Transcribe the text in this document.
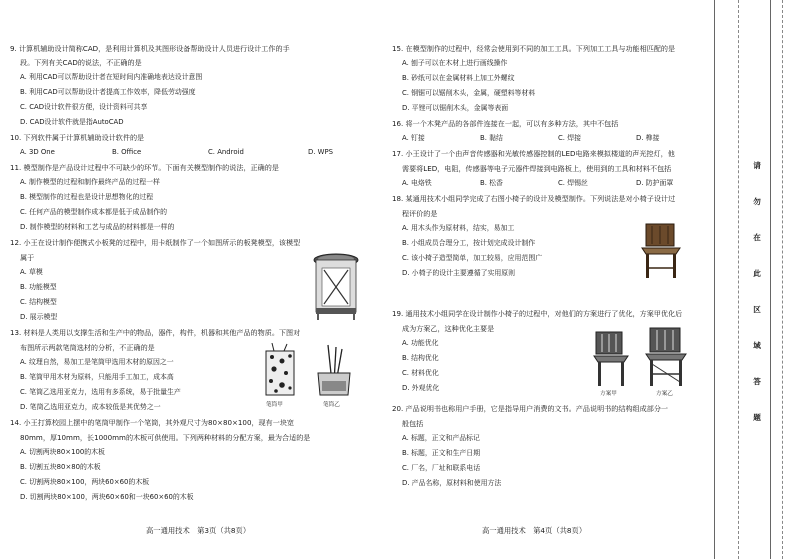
9. 计算机辅助设计简称CAD，是利用计算机及其图形设备帮助设计人员进行设计工作的手
段。下列有关CAD的说法，不正确的是
A. 利用CAD可以帮助设计者在短时间内准确地表达设计意图
B. 利用CAD可以帮助设计者提高工作效率，降低劳动强度
C. CAD设计软件很方便，设计资料可共享
D. CAD设计软件就是指AutoCAD
10. 下列软件属于计算机辅助设计软件的是
A. 3D One	B. Office	C. Android	D. WPS
11. 模型制作是产品设计过程中不可缺少的环节。下面有关模型制作的说法，正确的是
A. 制作模型的过程和制作最终产品的过程一样
B. 模型制作的过程也是设计思想物化的过程
C. 任何产品的模型制作成本都是低于成品制作的
D. 制作模型的材料和工艺与成品的材料都是一样的
12. 小王在设计制作便携式小板凳的过程中，用卡纸制作了一个如图所示的板凳模型，该模型
属于
A. 草模
B. 功能模型
C. 结构模型
D. 展示模型
13. 材料是人类用以支撑生活和生产中的物品，器件，构件，机器和其他产品的物质。下图对
布图所示两款笔筒选材的分析，不正确的是
A. 纹理自然，易加工是笔筒甲选用木材的原因之一
B. 笔筒甲用木材为原料，只能用手工加工，成本高
C. 笔筒乙选用亚克力，选用有多系统，易于批量生产
D. 笔筒乙选用亚克力，成本较低是其优势之一	笔筒甲	笔筒乙
14. 小王打算校园上摆中的笔筒甲制作一个笔筒，其外观尺寸为80×80×100，现有一块宽
80mm，厚10mm，长1000mm的木板可供使用。下列两种材料的分配方案，最为合适的是
A. 切割两块80×100的木板
B. 切割五块80×80的木板
C. 切割两块80×100，两块60×60的木板
D. 切割两块80×100，两块60×60和一块60×60的木板
高一通用技术　第3页（共8页）
15. 在模型制作的过程中，经常会使用到不同的加工工具。下列加工工具与功能相匹配的是
A. 刨子可以在木材上进行画线操作
B. 砂纸可以在金属材料上加工外螺纹
C. 钢锯可以锯削木头，金属，硬塑料等材料
D. 平锉可以锯削木头，金属等表面
16. 将一个木凳产品的各部件连接在一起，可以有多种方法，其中不包括
A. 钉接	B. 黏结	C. 焊接	D. 榫接
17. 小王设计了一个由声音传感器和光敏传感器控制的LED电路来模拟楼道的声光控灯，他
需要将LED，电阻，传感器等电子元器件焊接到电路板上，使用到的工具和材料不包括
A. 电烙铁	B. 松香	C. 焊锡丝	D. 防护面罩
18. 某通用技术小组同学完成了右图小椅子的设计及模型制作。下列说法是对小椅子设计过
程评价的是
A. 用木头作为原材料，结实，易加工
B. 小组成员合理分工，按计划完成设计制作
C. 该小椅子造型简单，加工较易，应用范围广
D. 小椅子的设计主要遵循了实用原则
19. 通用技术小组同学在设计制作小椅子的过程中，对他们的方案进行了优化，方案甲优化后
成为方案乙，这种优化主要是
A. 功能优化
B. 结构优化
C. 材料优化
D. 外观优化
方案甲	方案乙
20. 产品说明书也称用户手册，它是指导用户消费的文书。产品说明书的结构组成部分一
般包括
A. 标题，正文和产品标记
B. 标题，正文和生产日期
C. 厂名，厂址和联系电话
D. 产品名称，原材料和使用方法
高一通用技术　第4页（共8页）
请
勿
在
此
区
域
答
题
